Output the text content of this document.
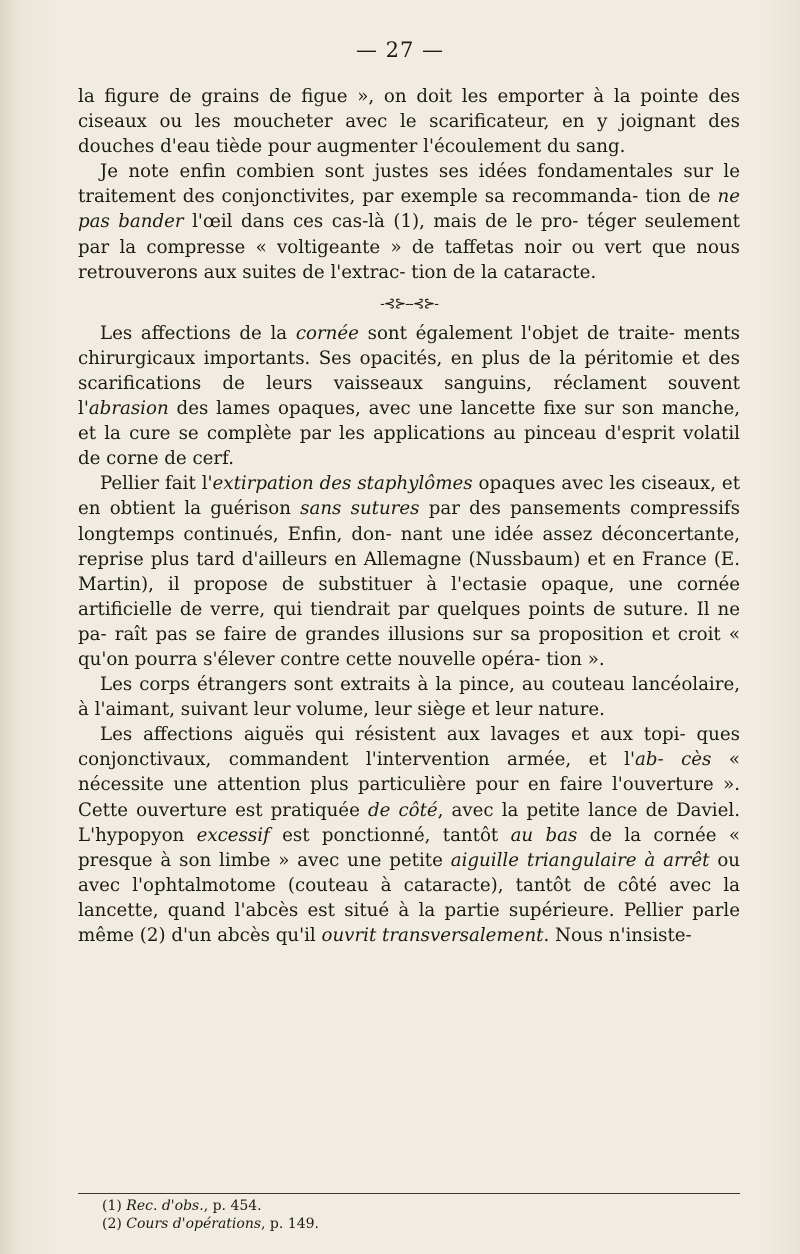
— 27 —

la figure de grains de figue », on doit les emporter à la pointe des ciseaux ou les moucheter avec le scarificateur, en y joignant des douches d'eau tiède pour augmenter l'écoulement du sang.

Je note enfin combien sont justes ses idées fondamentales sur le traitement des conjonctivites, par exemple sa recommanda- tion de ne pas bander l'œil dans ces cas-là (1), mais de le pro- téger seulement par la compresse « voltigeante » de taffetas noir ou vert que nous retrouverons aux suites de l'extrac- tion de la cataracte.

-⊰⊱--⊰⊱-

Les affections de la cornée sont également l'objet de traite- ments chirurgicaux importants. Ses opacités, en plus de la péritomie et des scarifications de leurs vaisseaux sanguins, réclament souvent l'abrasion des lames opaques, avec une lancette fixe sur son manche, et la cure se complète par les applications au pinceau d'esprit volatil de corne de cerf.

Pellier fait l'extirpation des staphylômes opaques avec les ciseaux, et en obtient la guérison sans sutures par des pansements compressifs longtemps continués, Enfin, don- nant une idée assez déconcertante, reprise plus tard d'ailleurs en Allemagne (Nussbaum) et en France (E. Martin), il propose de substituer à l'ectasie opaque, une cornée artificielle de verre, qui tiendrait par quelques points de suture. Il ne pa- raît pas se faire de grandes illusions sur sa proposition et croit « qu'on pourra s'élever contre cette nouvelle opéra- tion ».

Les corps étrangers sont extraits à la pince, au couteau lancéolaire, à l'aimant, suivant leur volume, leur siège et leur nature.

Les affections aiguës qui résistent aux lavages et aux topi- ques conjonctivaux, commandent l'intervention armée, et l'ab- cès « nécessite une attention plus particulière pour en faire l'ouverture ». Cette ouverture est pratiquée de côté, avec la petite lance de Daviel. L'hypopyon excessif est ponctionné, tantôt au bas de la cornée « presque à son limbe » avec une petite aiguille triangulaire à arrêt ou avec l'ophtalmotome (couteau à cataracte), tantôt de côté avec la lancette, quand l'abcès est situé à la partie supérieure. Pellier parle même (2) d'un abcès qu'il ouvrit transversalement. Nous n'insiste-

(1) Rec. d'obs., p. 454.
(2) Cours d'opérations, p. 149.
